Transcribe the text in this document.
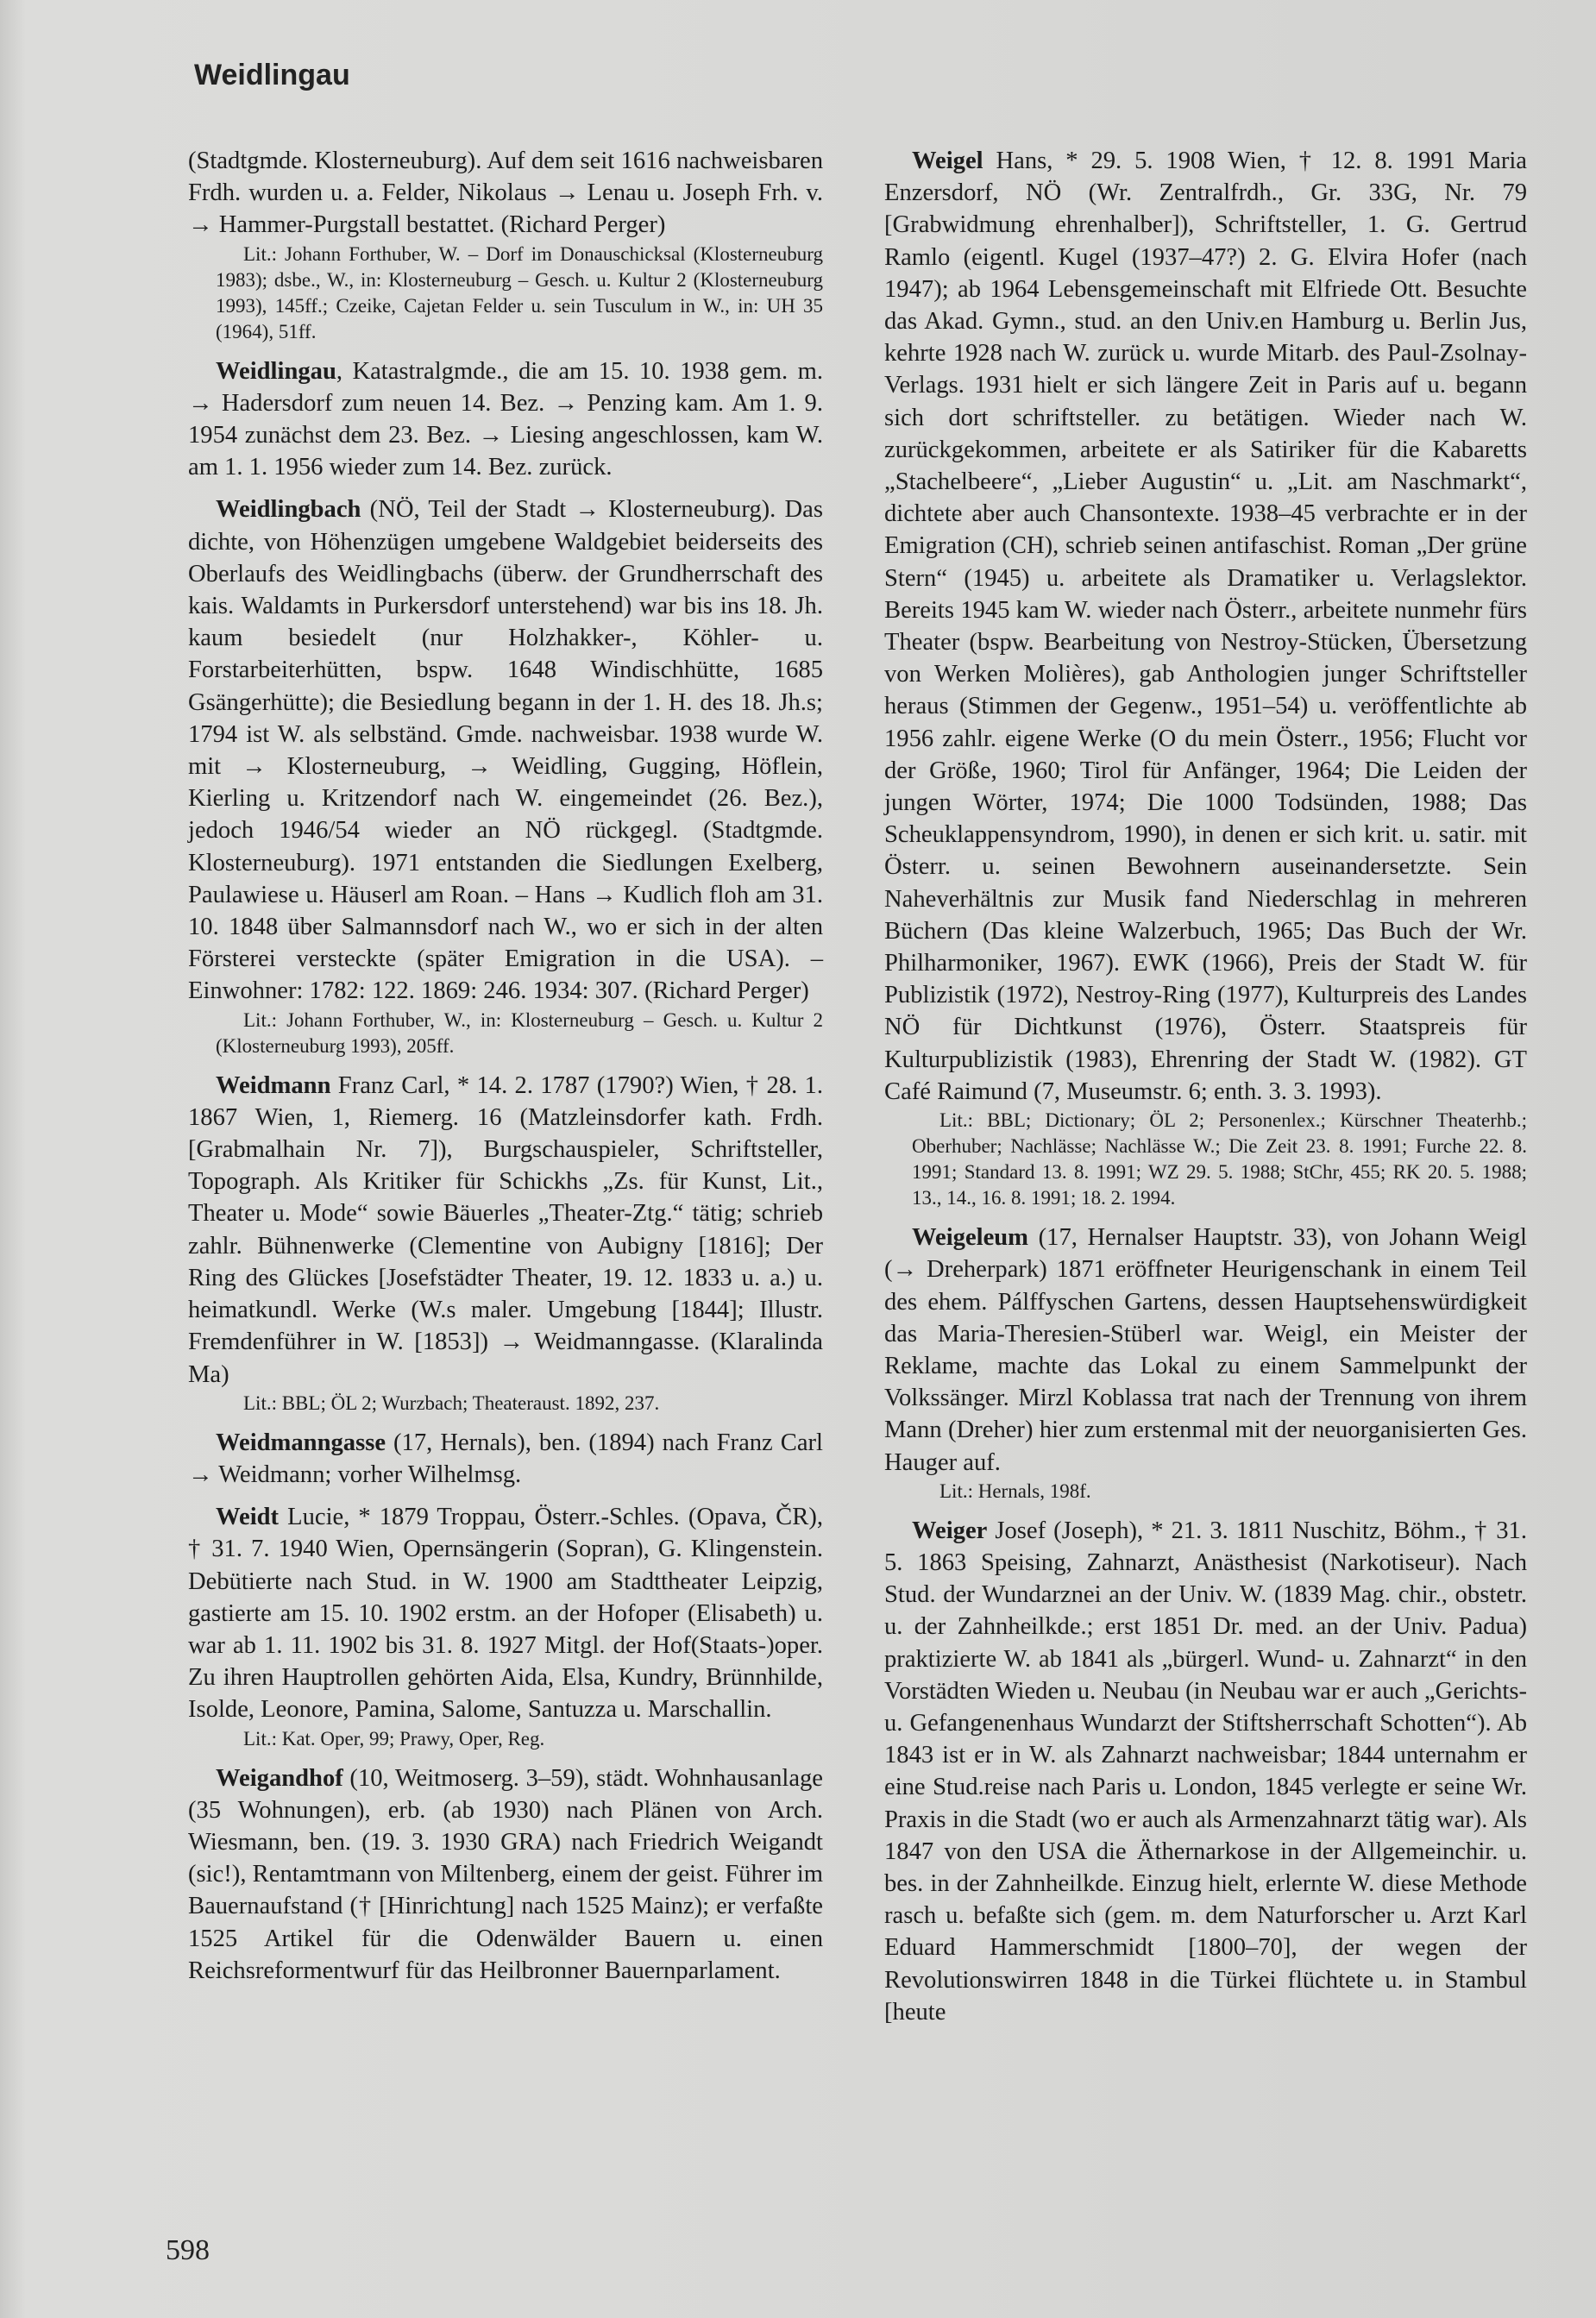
Weidlingau

(Stadtgmde. Klosterneuburg). Auf dem seit 1616 nachweisbaren Frdh. wurden u. a. Felder, Nikolaus → Lenau u. Joseph Frh. v. → Hammer-Purgstall bestattet. (Richard Perger)

Lit.: Johann Forthuber, W. – Dorf im Donauschicksal (Klosterneuburg 1983); dsbe., W., in: Klosterneuburg – Gesch. u. Kultur 2 (Klosterneuburg 1993), 145ff.; Czeike, Cajetan Felder u. sein Tusculum in W., in: UH 35 (1964), 51ff.

Weidlingau, Katastralgmde., die am 15. 10. 1938 gem. m. → Hadersdorf zum neuen 14. Bez. → Penzing kam. Am 1. 9. 1954 zunächst dem 23. Bez. → Liesing angeschlossen, kam W. am 1. 1. 1956 wieder zum 14. Bez. zurück.

Weidlingbach (NÖ, Teil der Stadt → Klosterneuburg). Das dichte, von Höhenzügen umgebene Waldgebiet beiderseits des Oberlaufs des Weidlingbachs (überw. der Grundherrschaft des kais. Waldamts in Purkersdorf unterstehend) war bis ins 18. Jh. kaum besiedelt (nur Holzhakker-, Köhler- u. Forstarbeiterhütten, bspw. 1648 Windischhütte, 1685 Gsängerhütte); die Besiedlung begann in der 1. H. des 18. Jh.s; 1794 ist W. als selbständ. Gmde. nachweisbar. 1938 wurde W. mit → Klosterneuburg, → Weidling, Gugging, Höflein, Kierling u. Kritzendorf nach W. eingemeindet (26. Bez.), jedoch 1946/54 wieder an NÖ rückgegl. (Stadtgmde. Klosterneuburg). 1971 entstanden die Siedlungen Exelberg, Paulawiese u. Häuserl am Roan. – Hans → Kudlich floh am 31. 10. 1848 über Salmannsdorf nach W., wo er sich in der alten Försterei versteckte (später Emigration in die USA). – Einwohner: 1782: 122. 1869: 246. 1934: 307. (Richard Perger)

Lit.: Johann Forthuber, W., in: Klosterneuburg – Gesch. u. Kultur 2 (Klosterneuburg 1993), 205ff.

Weidmann Franz Carl, * 14. 2. 1787 (1790?) Wien, † 28. 1. 1867 Wien, 1, Riemerg. 16 (Matzleinsdorfer kath. Frdh. [Grabmalhain Nr. 7]), Burgschauspieler, Schriftsteller, Topograph. Als Kritiker für Schickhs „Zs. für Kunst, Lit., Theater u. Mode“ sowie Bäuerles „Theater-Ztg.“ tätig; schrieb zahlr. Bühnenwerke (Clementine von Aubigny [1816]; Der Ring des Glückes [Josefstädter Theater, 19. 12. 1833 u. a.) u. heimatkundl. Werke (W.s maler. Umgebung [1844]; Illustr. Fremdenführer in W. [1853]) → Weidmanngasse. (Klaralinda Ma)

Lit.: BBL; ÖL 2; Wurzbach; Theateraust. 1892, 237.

Weidmanngasse (17, Hernals), ben. (1894) nach Franz Carl → Weidmann; vorher Wilhelmsg.

Weidt Lucie, * 1879 Troppau, Österr.-Schles. (Opava, ČR), † 31. 7. 1940 Wien, Opernsängerin (Sopran), G. Klingenstein. Debütierte nach Stud. in W. 1900 am Stadttheater Leipzig, gastierte am 15. 10. 1902 erstm. an der Hofoper (Elisabeth) u. war ab 1. 11. 1902 bis 31. 8. 1927 Mitgl. der Hof(Staats-)oper. Zu ihren Hauptrollen gehörten Aida, Elsa, Kundry, Brünnhilde, Isolde, Leonore, Pamina, Salome, Santuzza u. Marschallin.

Lit.: Kat. Oper, 99; Prawy, Oper, Reg.

Weigandhof (10, Weitmoserg. 3–59), städt. Wohnhausanlage (35 Wohnungen), erb. (ab 1930) nach Plänen von Arch. Wiesmann, ben. (19. 3. 1930 GRA) nach Friedrich Weigandt (sic!), Rentamtmann von Miltenberg, einem der geist. Führer im Bauernaufstand († [Hinrichtung] nach 1525 Mainz); er verfaßte 1525 Artikel für die Odenwälder Bauern u. einen Reichsreformentwurf für das Heilbronner Bauernparlament.

Weigel Hans, * 29. 5. 1908 Wien, † 12. 8. 1991 Maria Enzersdorf, NÖ (Wr. Zentralfrdh., Gr. 33G, Nr. 79 [Grabwidmung ehrenhalber]), Schriftsteller, 1. G. Gertrud Ramlo (eigentl. Kugel (1937–47?) 2. G. Elvira Hofer (nach 1947); ab 1964 Lebensgemeinschaft mit Elfriede Ott. Besuchte das Akad. Gymn., stud. an den Univ.en Hamburg u. Berlin Jus, kehrte 1928 nach W. zurück u. wurde Mitarb. des Paul-Zsolnay-Verlags. 1931 hielt er sich längere Zeit in Paris auf u. begann sich dort schriftsteller. zu betätigen. Wieder nach W. zurückgekommen, arbeitete er als Satiriker für die Kabaretts „Stachelbeere“, „Lieber Augustin“ u. „Lit. am Naschmarkt“, dichtete aber auch Chansontexte. 1938–45 verbrachte er in der Emigration (CH), schrieb seinen antifaschist. Roman „Der grüne Stern“ (1945) u. arbeitete als Dramatiker u. Verlagslektor. Bereits 1945 kam W. wieder nach Österr., arbeitete nunmehr fürs Theater (bspw. Bearbeitung von Nestroy-Stücken, Übersetzung von Werken Molières), gab Anthologien junger Schriftsteller heraus (Stimmen der Gegenw., 1951–54) u. veröffentlichte ab 1956 zahlr. eigene Werke (O du mein Österr., 1956; Flucht vor der Größe, 1960; Tirol für Anfänger, 1964; Die Leiden der jungen Wörter, 1974; Die 1000 Todsünden, 1988; Das Scheuklappensyndrom, 1990), in denen er sich krit. u. satir. mit Österr. u. seinen Bewohnern auseinandersetzte. Sein Naheverhältnis zur Musik fand Niederschlag in mehreren Büchern (Das kleine Walzerbuch, 1965; Das Buch der Wr. Philharmoniker, 1967). EWK (1966), Preis der Stadt W. für Publizistik (1972), Nestroy-Ring (1977), Kulturpreis des Landes NÖ für Dichtkunst (1976), Österr. Staatspreis für Kulturpublizistik (1983), Ehrenring der Stadt W. (1982). GT Café Raimund (7, Museumstr. 6; enth. 3. 3. 1993).

Lit.: BBL; Dictionary; ÖL 2; Personenlex.; Kürschner Theaterhb.; Oberhuber; Nachlässe; Nachlässe W.; Die Zeit 23. 8. 1991; Furche 22. 8. 1991; Standard 13. 8. 1991; WZ 29. 5. 1988; StChr, 455; RK 20. 5. 1988; 13., 14., 16. 8. 1991; 18. 2. 1994.

Weigeleum (17, Hernalser Hauptstr. 33), von Johann Weigl (→ Dreherpark) 1871 eröffneter Heurigenschank in einem Teil des ehem. Pálffyschen Gartens, dessen Hauptsehenswürdigkeit das Maria-Theresien-Stüberl war. Weigl, ein Meister der Reklame, machte das Lokal zu einem Sammelpunkt der Volkssänger. Mirzl Koblassa trat nach der Trennung von ihrem Mann (Dreher) hier zum erstenmal mit der neuorganisierten Ges. Hauger auf.

Lit.: Hernals, 198f.

Weiger Josef (Joseph), * 21. 3. 1811 Nuschitz, Böhm., † 31. 5. 1863 Speising, Zahnarzt, Anästhesist (Narkotiseur). Nach Stud. der Wundarznei an der Univ. W. (1839 Mag. chir., obstetr. u. der Zahnheilkde.; erst 1851 Dr. med. an der Univ. Padua) praktizierte W. ab 1841 als „bürgerl. Wund- u. Zahnarzt“ in den Vorstädten Wieden u. Neubau (in Neubau war er auch „Gerichts- u. Gefangenenhaus Wundarzt der Stiftsherrschaft Schotten“). Ab 1843 ist er in W. als Zahnarzt nachweisbar; 1844 unternahm er eine Stud.reise nach Paris u. London, 1845 verlegte er seine Wr. Praxis in die Stadt (wo er auch als Armenzahnarzt tätig war). Als 1847 von den USA die Äthernarkose in der Allgemeinchir. u. bes. in der Zahnheilkde. Einzug hielt, erlernte W. diese Methode rasch u. befaßte sich (gem. m. dem Naturforscher u. Arzt Karl Eduard Hammerschmidt [1800–70], der wegen der Revolutionswirren 1848 in die Türkei flüchtete u. in Stambul [heute

598
